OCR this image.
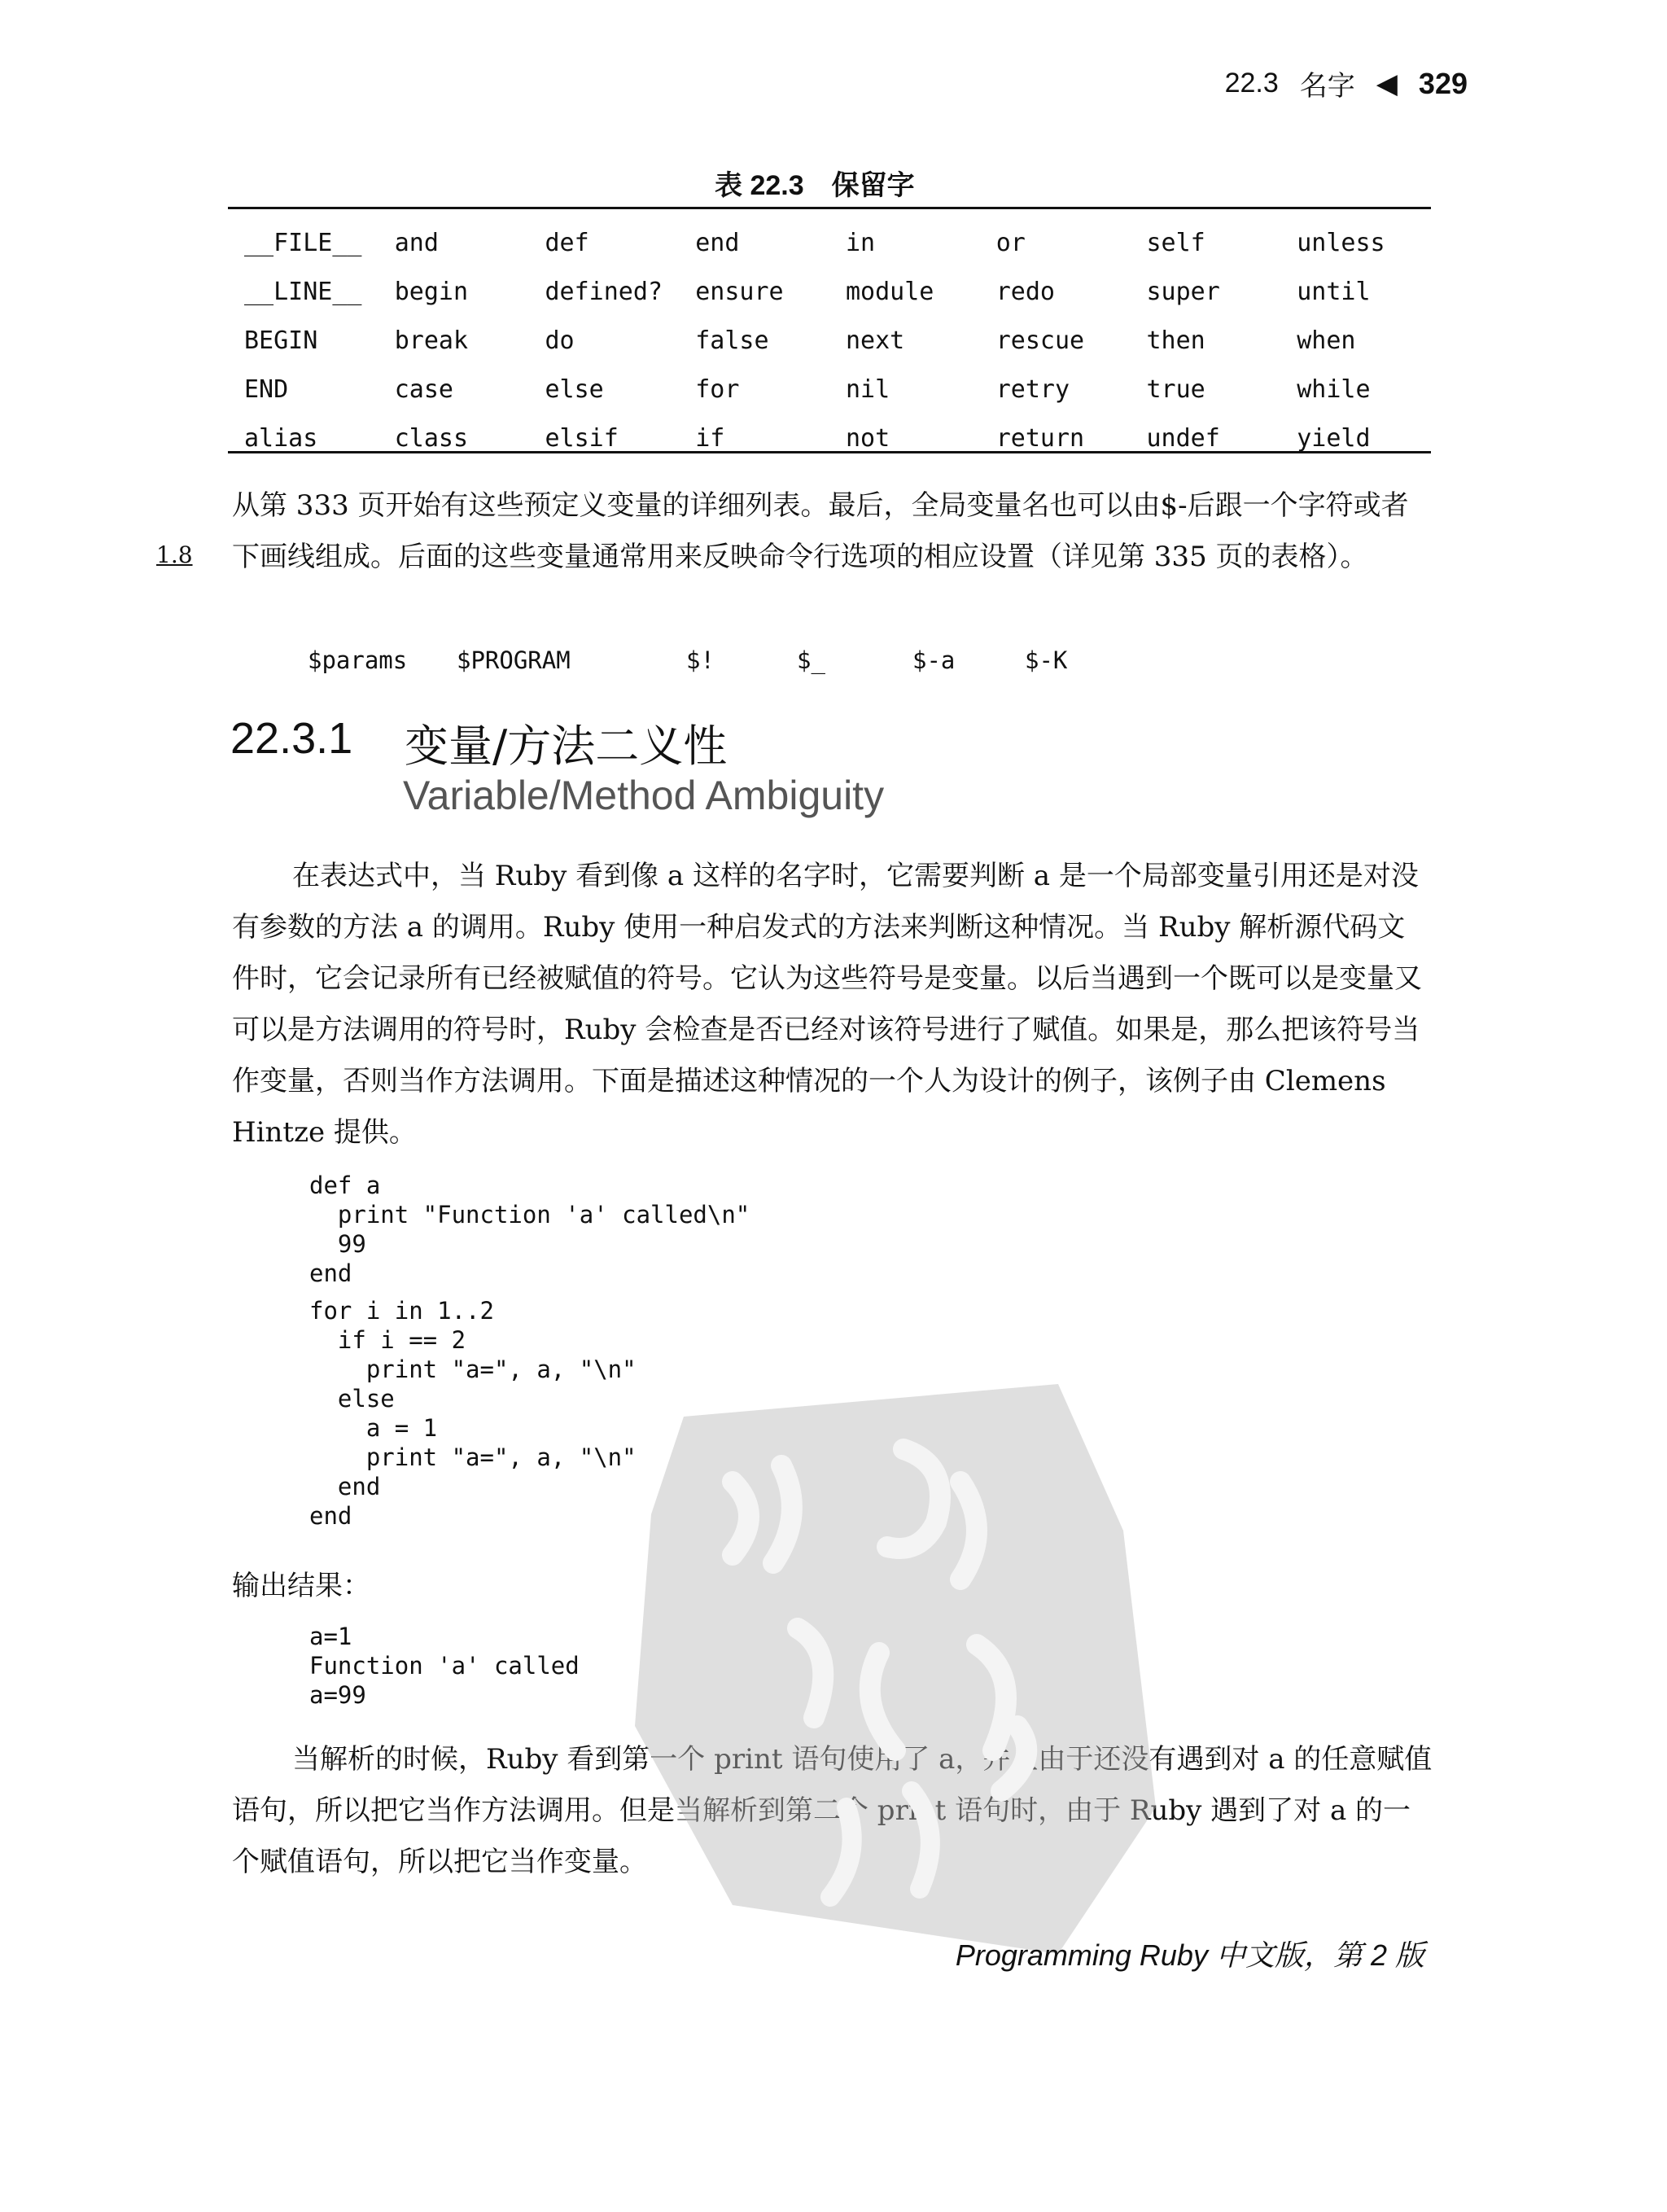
22.3 名字 ◀ 329
表 22.3　保留字
__FILE__	and	def	end	in	or	self	unless
__LINE__	begin	defined?	ensure	module	redo	super	until
BEGIN	break	do	false	next	rescue	then	when
END	case	else	for	nil	retry	true	while
alias	class	elsif	if	not	return	undef	yield
从第 333 页开始有这些预定义变量的详细列表。最后，全局变量名也可以由$-后跟一个字符或者下画线组成。后面的这些变量通常用来反映命令行选项的相应设置（详见第 335 页的表格）。
1.8
$params	$PROGRAM	$!	$_	$-a	$-K
22.3.1 变量/方法二义性
Variable/Method Ambiguity
在表达式中，当 Ruby 看到像 a 这样的名字时，它需要判断 a 是一个局部变量引用还是对没有参数的方法 a 的调用。Ruby 使用一种启发式的方法来判断这种情况。当 Ruby 解析源代码文件时，它会记录所有已经被赋值的符号。它认为这些符号是变量。以后当遇到一个既可以是变量又可以是方法调用的符号时，Ruby 会检查是否已经对该符号进行了赋值。如果是，那么把该符号当作变量，否则当作方法调用。下面是描述这种情况的一个人为设计的例子，该例子由 Clemens Hintze 提供。
def a
print "Function 'a' called\n"
99
end
for i in 1..2
if i == 2
print "a=", a, "\n"
else
a = 1
print "a=", a, "\n"
end
end
输出结果：
a=1
Function 'a' called
a=99
当解析的时候，Ruby 看到第一个 print 语句使用了 a，并且由于还没有遇到对 a 的任意赋值语句，所以把它当作方法调用。但是当解析到第二个 print 语句时，由于 Ruby 遇到了对 a 的一个赋值语句，所以把它当作变量。
Programming Ruby 中文版，第 2 版
